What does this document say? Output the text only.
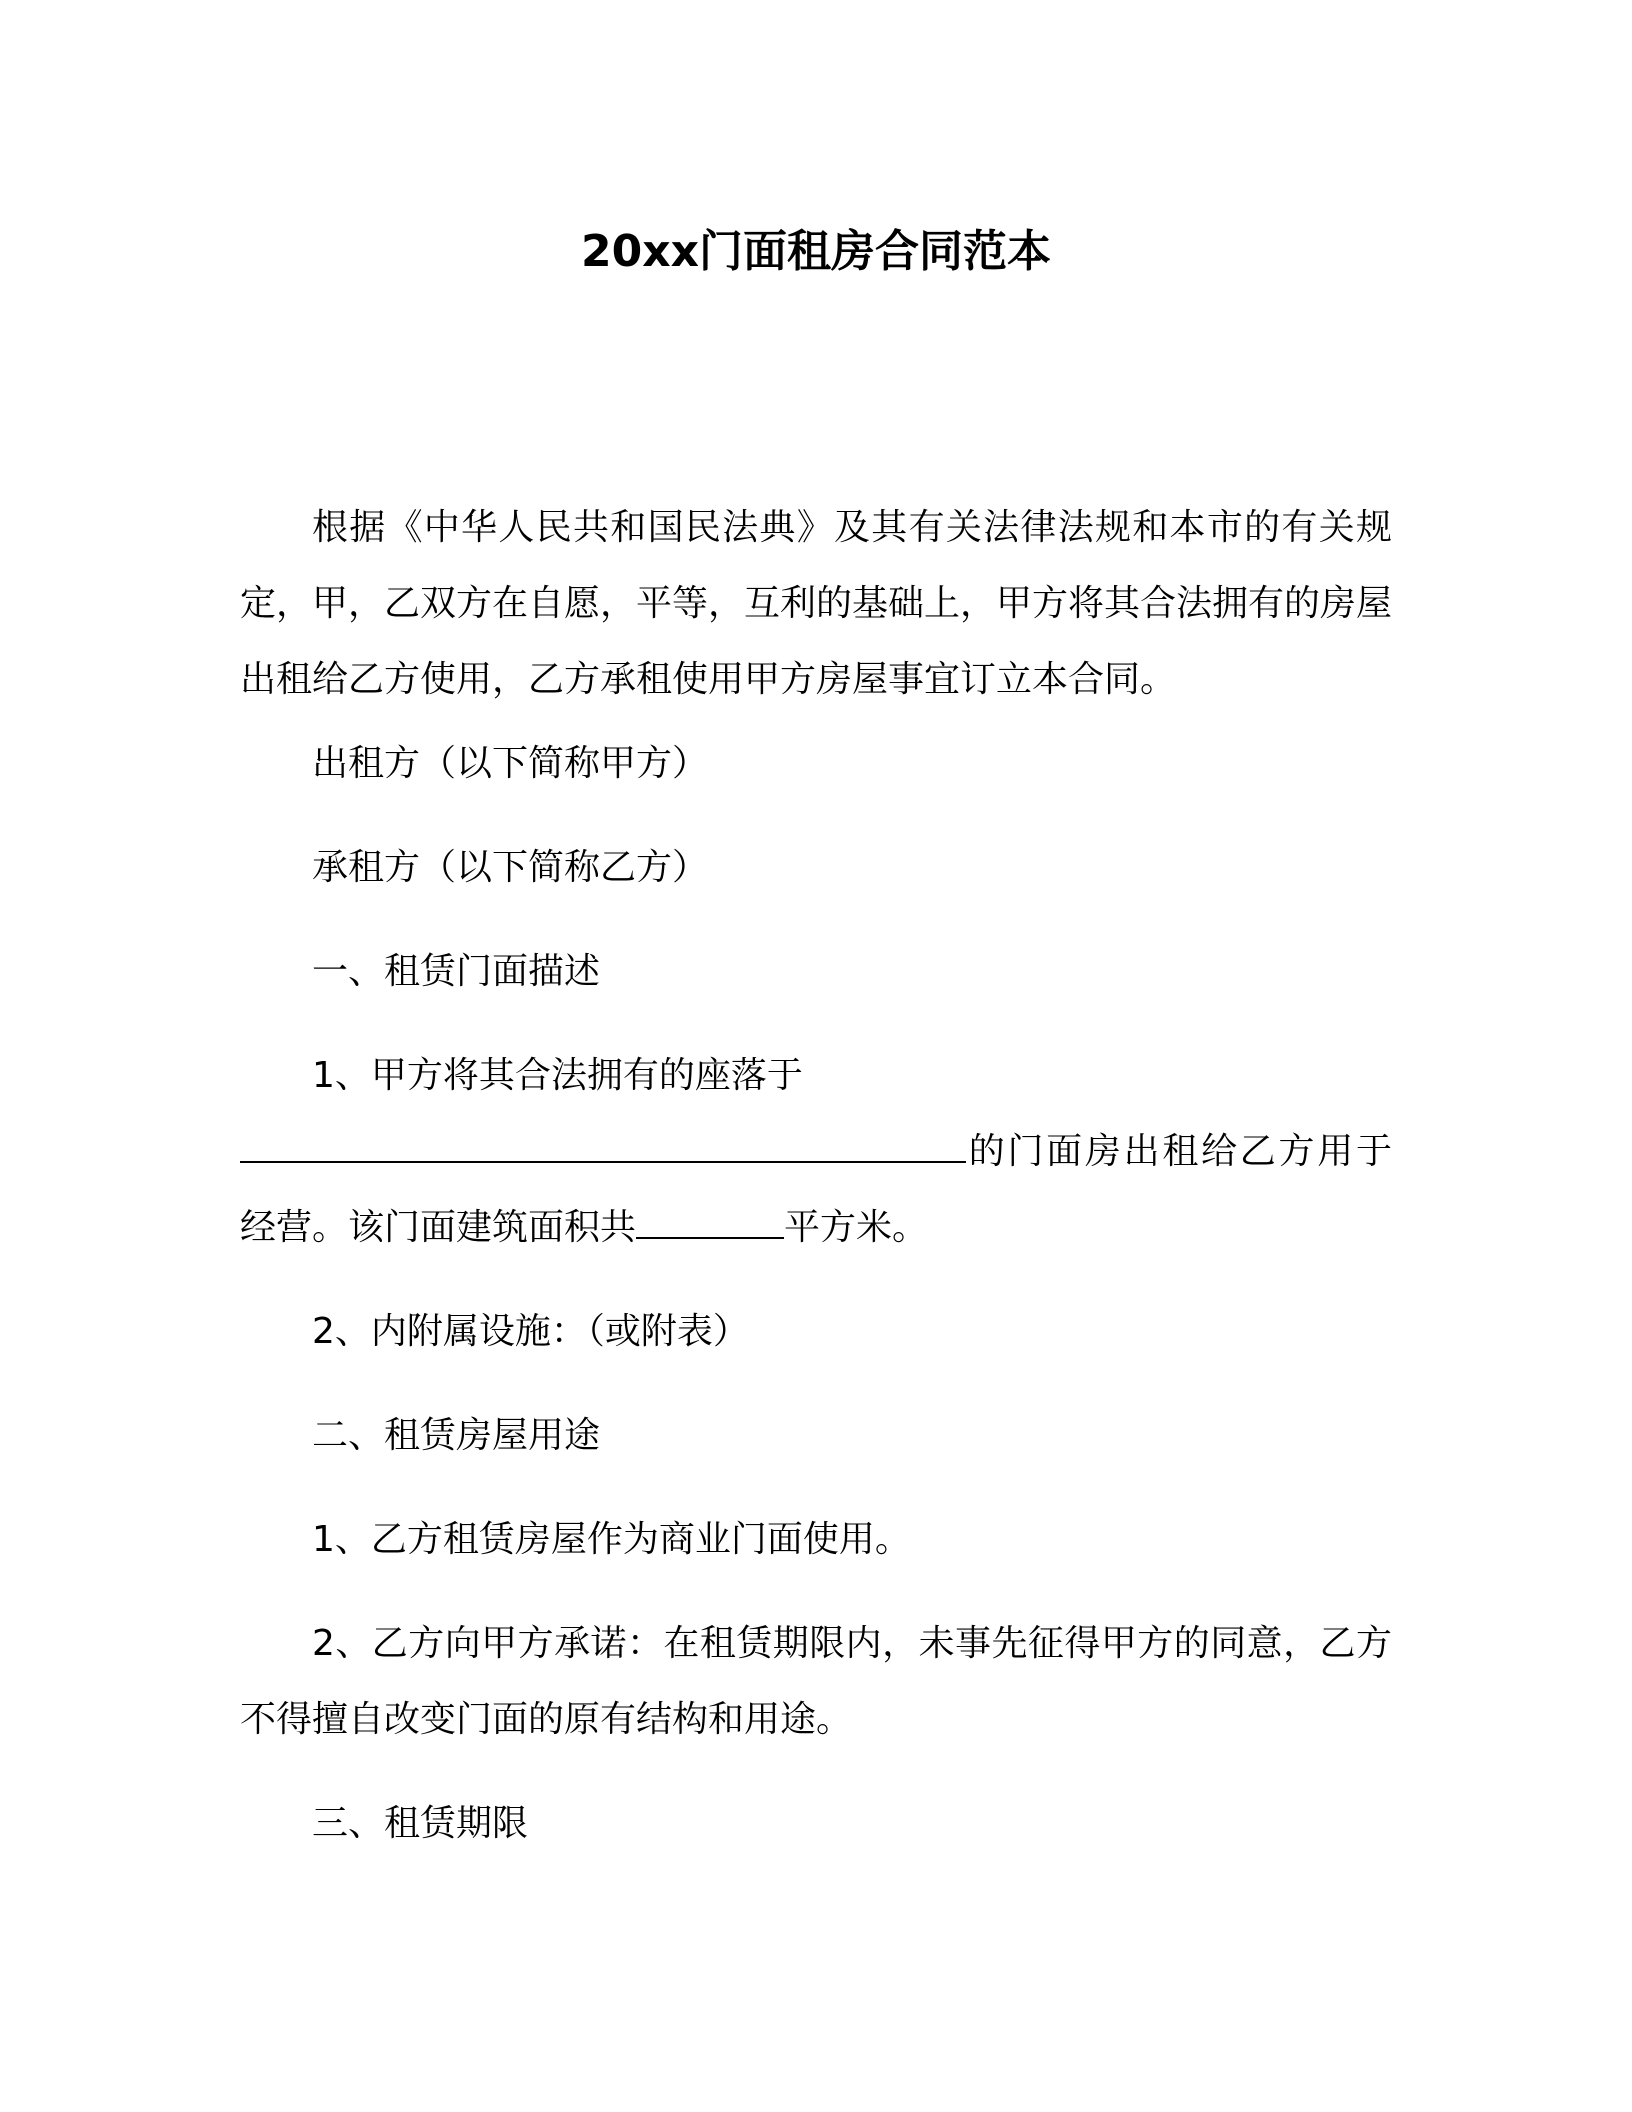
20xx门面租房合同范本

根据《中华人民共和国民法典》及其有关法律法规和本市的有关规定，甲，乙双方在自愿，平等，互利的基础上，甲方将其合法拥有的房屋出租给乙方使用，乙方承租使用甲方房屋事宜订立本合同。

出租方（以下简称甲方）

承租方（以下简称乙方）

一、租赁门面描述

1、甲方将其合法拥有的座落于

的门面房出租给乙方用于经营。该门面建筑面积共	平方米。

2、内附属设施：（或附表）

二、租赁房屋用途

1、乙方租赁房屋作为商业门面使用。

2、乙方向甲方承诺：在租赁期限内，未事先征得甲方的同意，乙方不得擅自改变门面的原有结构和用途。

三、租赁期限
